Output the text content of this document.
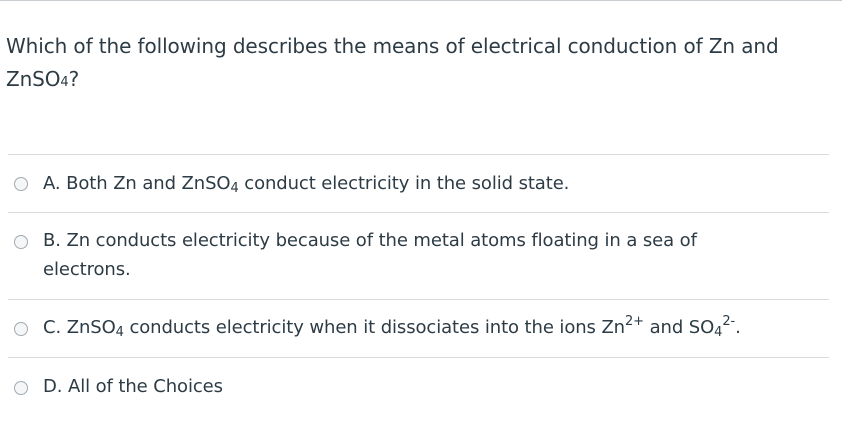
Which of the following describes the means of electrical conduction of Zn and ZnSO4?
A. Both Zn and ZnSO4 conduct electricity in the solid state.
B. Zn conducts electricity because of the metal atoms floating in a sea of electrons.
C. ZnSO4 conducts electricity when it dissociates into the ions $Zn^{2+}$ and $SO4^{2-}$.
D. All of the Choices
